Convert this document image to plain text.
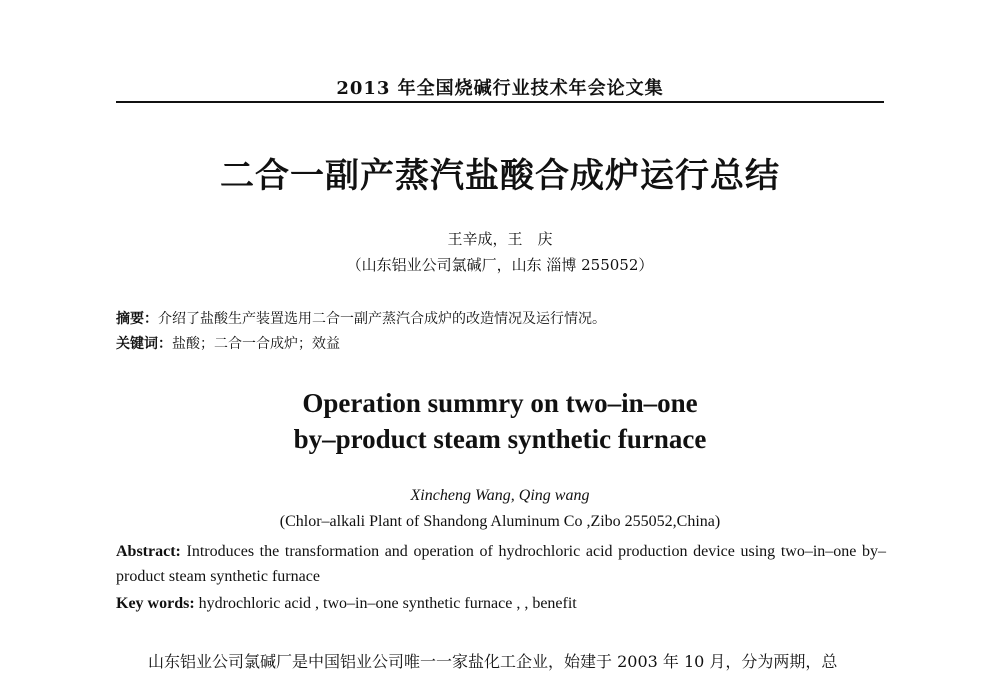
2013 年全国烧碱行业技术年会论文集
二合一副产蒸汽盐酸合成炉运行总结
王辛成，王　庆
（山东铝业公司氯碱厂，山东 淄博 255052）
摘要：介绍了盐酸生产装置选用二合一副产蒸汽合成炉的改造情况及运行情况。
关键词：盐酸；二合一合成炉；效益
Operation summry on two–in–one
by–product steam synthetic furnace
Xincheng Wang, Qing wang
(Chlor–alkali Plant of Shandong Aluminum Co ,Zibo 255052,China)
Abstract: Introduces the transformation and operation of hydrochloric acid production device using two–in–one by–product steam synthetic furnace
Key words: hydrochloric acid , two–in–one synthetic furnace , , benefit
山东铝业公司氯碱厂是中国铝业公司唯一一家盐化工企业，始建于 2003 年 10 月，分为两期，总
